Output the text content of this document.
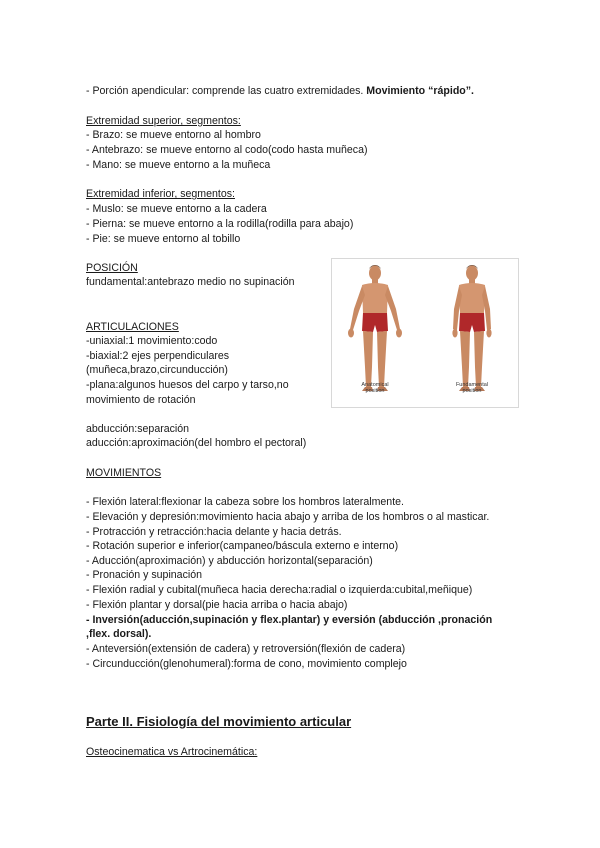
- Porción apendicular: comprende las cuatro extremidades. Movimiento “rápido”.
Extremidad superior, segmentos:
- Brazo: se mueve entorno al hombro
- Antebrazo: se mueve entorno al codo(codo hasta muñeca)
- Mano: se mueve entorno a la muñeca
Extremidad inferior, segmentos:
- Muslo: se mueve entorno a la cadera
- Pierna: se mueve entorno a la rodilla(rodilla para abajo)
- Pie: se mueve entorno al tobillo
POSICIÓN
fundamental:antebrazo medio no supinación
ARTICULACIONES
-uniaxial:1 movimiento:codo
-biaxial:2 ejes perpendiculares
(muñeca,brazo,circunducción)
-plana:algunos huesos del carpo y tarso,no
movimiento de rotación
abducción:separación
aducción:aproximación(del hombro el pectoral)
Anatomical
position
Fundamental
position
MOVIMIENTOS
- Flexión lateral:flexionar la cabeza sobre los hombros lateralmente.
- Elevación y depresión:movimiento hacia abajo y arriba de los hombros o al masticar.
- Protracción y retracción:hacia delante y hacia detrás.
- Rotación superior e inferior(campaneo/báscula externo e interno)
- Aducción(aproximación) y abducción horizontal(separación)
- Pronación y supinación
- Flexión radial y cubital(muñeca hacia derecha:radial o izquierda:cubital,meñique)
- Flexión plantar y dorsal(pie hacia arriba o hacia abajo)
- Inversión(aducción,supinación y flex.plantar) y eversión (abducción ,pronación
,flex. dorsal).
- Anteversión(extensión de cadera) y retroversión(flexión de cadera)
- Circunducción(glenohumeral):forma de cono, movimiento complejo
Parte II. Fisiología del movimiento articular
Osteocinematica vs Artrocinemática:
